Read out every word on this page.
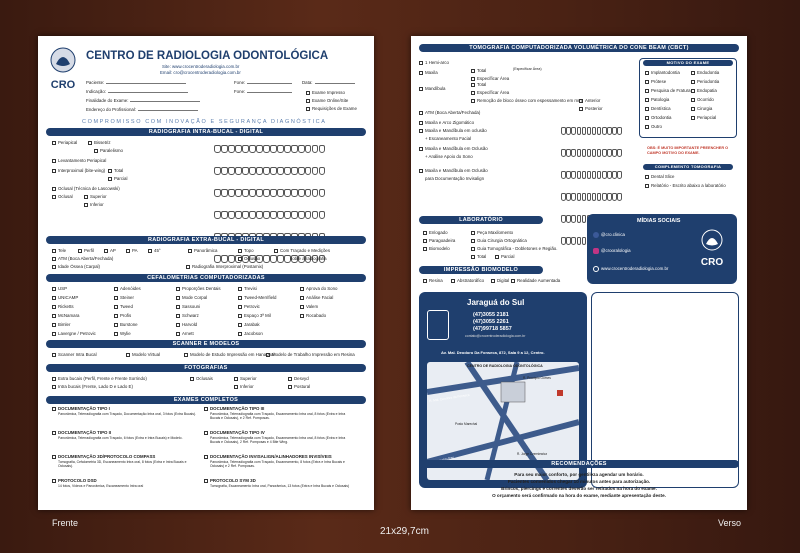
CRO
CENTRO DE RADIOLOGIA ODONTOLÓGICA
Site: www.crocentroderadiologia.com.br
Email: cro@crocentroderadiologia.com.br
Paciente:
Indicação:
Finalidade do Exame:
Endereço do Profissional:
Fone:
Fone:
Data:
Exame Impresso
Exame Online/Site
Requisições de Exame
COMPROMISSO COM INOVAÇÃO E SEGURANÇA DIAGNÓSTICA
RADIOGRAFIA INTRA-BUCAL - DIGITAL
RADIOGRAFIA EXTRA-BUCAL - DIGITAL
CEFALOMETRIAS COMPUTADORIZADAS
SCANNER E MODELOS
FOTOGRAFIAS
EXAMES COMPLETOS
Periapical	Bissetriz
Paralelismo
Levantamento Periapical
Interproximal (bite-wing)	Total
Parcial
Oclusal (Técnica de Lascowski)
Oclusal	Superior
Inferior
Tele	Perfil	AP	PA	45°	Panorâmica	Topo	Com Traçado e Medições
Oclusão	sobre a radiografia
ATM (Boca Aberta/Fechada)
Idade Óssea (Carpal)	Radiografia Interproximal (Postamix)
USP	Adenóides	Proporções Dentais	Trevisi	Aprova do Sono
UNICAMP	Steiner	Mode Corpal	Tweed-Merrifield	Análise Facial
Ricketts	Tweed	Sassouni	Petrovic	Valem
McNamara	Profis	Schwarz	Espaço 3ª Mil	Rocabado
Bimler	Burstone	Harvold	Jarabak
Lavergne / Petrovic	Wylie	Arnett	Jacobson
Scanner Intra Bucal	Modelo Virtual	Modelo de Estudo Impressão em Hanaonal
Modelo de Trabalho Impressão em Resina
Extra bucais (Perfil, Frente e Frente Sorrindo)
Intra bucais (Frente, Lado D e Lado E)
Oclusais	Superior
Inferior
Desvyd
Postural
DOCUMENTAÇÃO TIPO I
Panorâmica, Telerradiografia com Traçado, Documentação Intra oral, 3 fotos (Extra Bucais).
DOCUMENTAÇÃO TIPO II
Panorâmica, Telerradiografia com Traçado, 6 fotos (Extra e Intra Bucais) e Modelo.
DOCUMENTAÇÃO 3D/PROTOCOLO COMPASS
Tomografia, Cefalometria 3D, Escaneamento Intra oral, 8 fotos (Extra e Intra Bucais e Oclusais).
PROTOCOLO DSD
14 fotos, Vídeos e Panorâmica, Escaneamento Intra oral
DOCUMENTAÇÃO TIPO III
Panorâmica, Telerradiografia com Traçado, Escaneamento Intra oral, 8 fotos (Extra e Intra Bucais e Oclusais), e 2 Ref. Pomposas.
DOCUMENTAÇÃO TIPO IV
Panorâmica, Telerradiografia com Traçado, Escaneamento Intra oral, 8 fotos (Extra e Intra Bucais e Oclusais), 2 Ref. Pomposas e 4 Bite Wing.
DOCUMENTAÇÃO INVISALIGN/ALINHADORES INVISÍVEIS
Panorâmica, Telerradiografia com Traçado, Escaneamento, 8 fotos (Extra e Intra Bucais e Oclusais) e 2 Ref. Pomposas.
PROTOCOLO SYM 3D
Tomografia, Escaneamento Intra oral, Panorâmica, 13 fotos (Extra e Intra Bucais e Oclusais)
TOMOGRAFIA COMPUTADORIZADA VOLUMÉTRICA DO CONE BEAM (CBCT)
(Especificar Área)
MOTIVO DO EXAME
OBS: É MUITO IMPORTANTE PREENCHER O CAMPO MOTIVO DO EXAME.
COMPLEMENTO TOMOGRAFIA
Dental Slice
Relatório - Escrito abaixo a laboratório
LABORATÓRIO
IMPRESSÃO BIOMODELO
MÍDIAS SOCIAIS
@cro.clinica
@crooralologia
www.crocentroderadiologia.com.br
CRO
Jaraguá do Sul
(47)3055 2181
(47)3055 2261
(47)99718 5857
contato@crocentroderadiologia.com.br
Av. Mal. Deodoro Da Fonseca, 872, Sala 9 a 12, Centro.
CENTRO DE RADIOLOGIA ODONTOLÓGICA
R. Mal. Deodoro da Fonseca
R. Procópio Gomes
Posto Marechal
R. Jorge Czerniewicz
RECOMENDAÇÕES
1 Hemi-arco
Maxila	Total
Específicar Área
Mandíbula
Total
Específicar Área
Remoção de bloco ósseo com espessamento em mm Anterior
Posterior
ATM (Boca Aberta/Fechada)
Maxila e Arco Zigomático
Maxila e Mandíbula em oclusão
+ Escaneamento Facial
Maxila e Mandíbula em Oclusão
+ Análise Apoio do Sono
Maxila e Mandíbula em Oclusão
para Documentação Invisalign
Implantodontia	Endodontia
Prótese	Periodontia
Pesquisa de Fratura	Endopatia
Patologia	Ocorrido
Dentística	Cirurgia
Ortodontia	Periapcial
Outro
Enlogado	Peça Maxilomento
Paragoadeira	Guia Cirurgia Ortognática
Biomodelo	Guia Tomográfica - Dobletones e Região.
Total	Parcial
Resina	Abstratoráfico	Digital	Realidade Aumentada
Para seu maior conforto, por gentileza agendar um horário.
Pacientes convenidos chegar 10 minutos antes para autorização.
Brincos, piercings e correntes deverão ser retirados na hora do exame.
O orçamento será confirmado na hora do exame, mediante apresentação deste.
Frente
21x29,7cm
Verso
